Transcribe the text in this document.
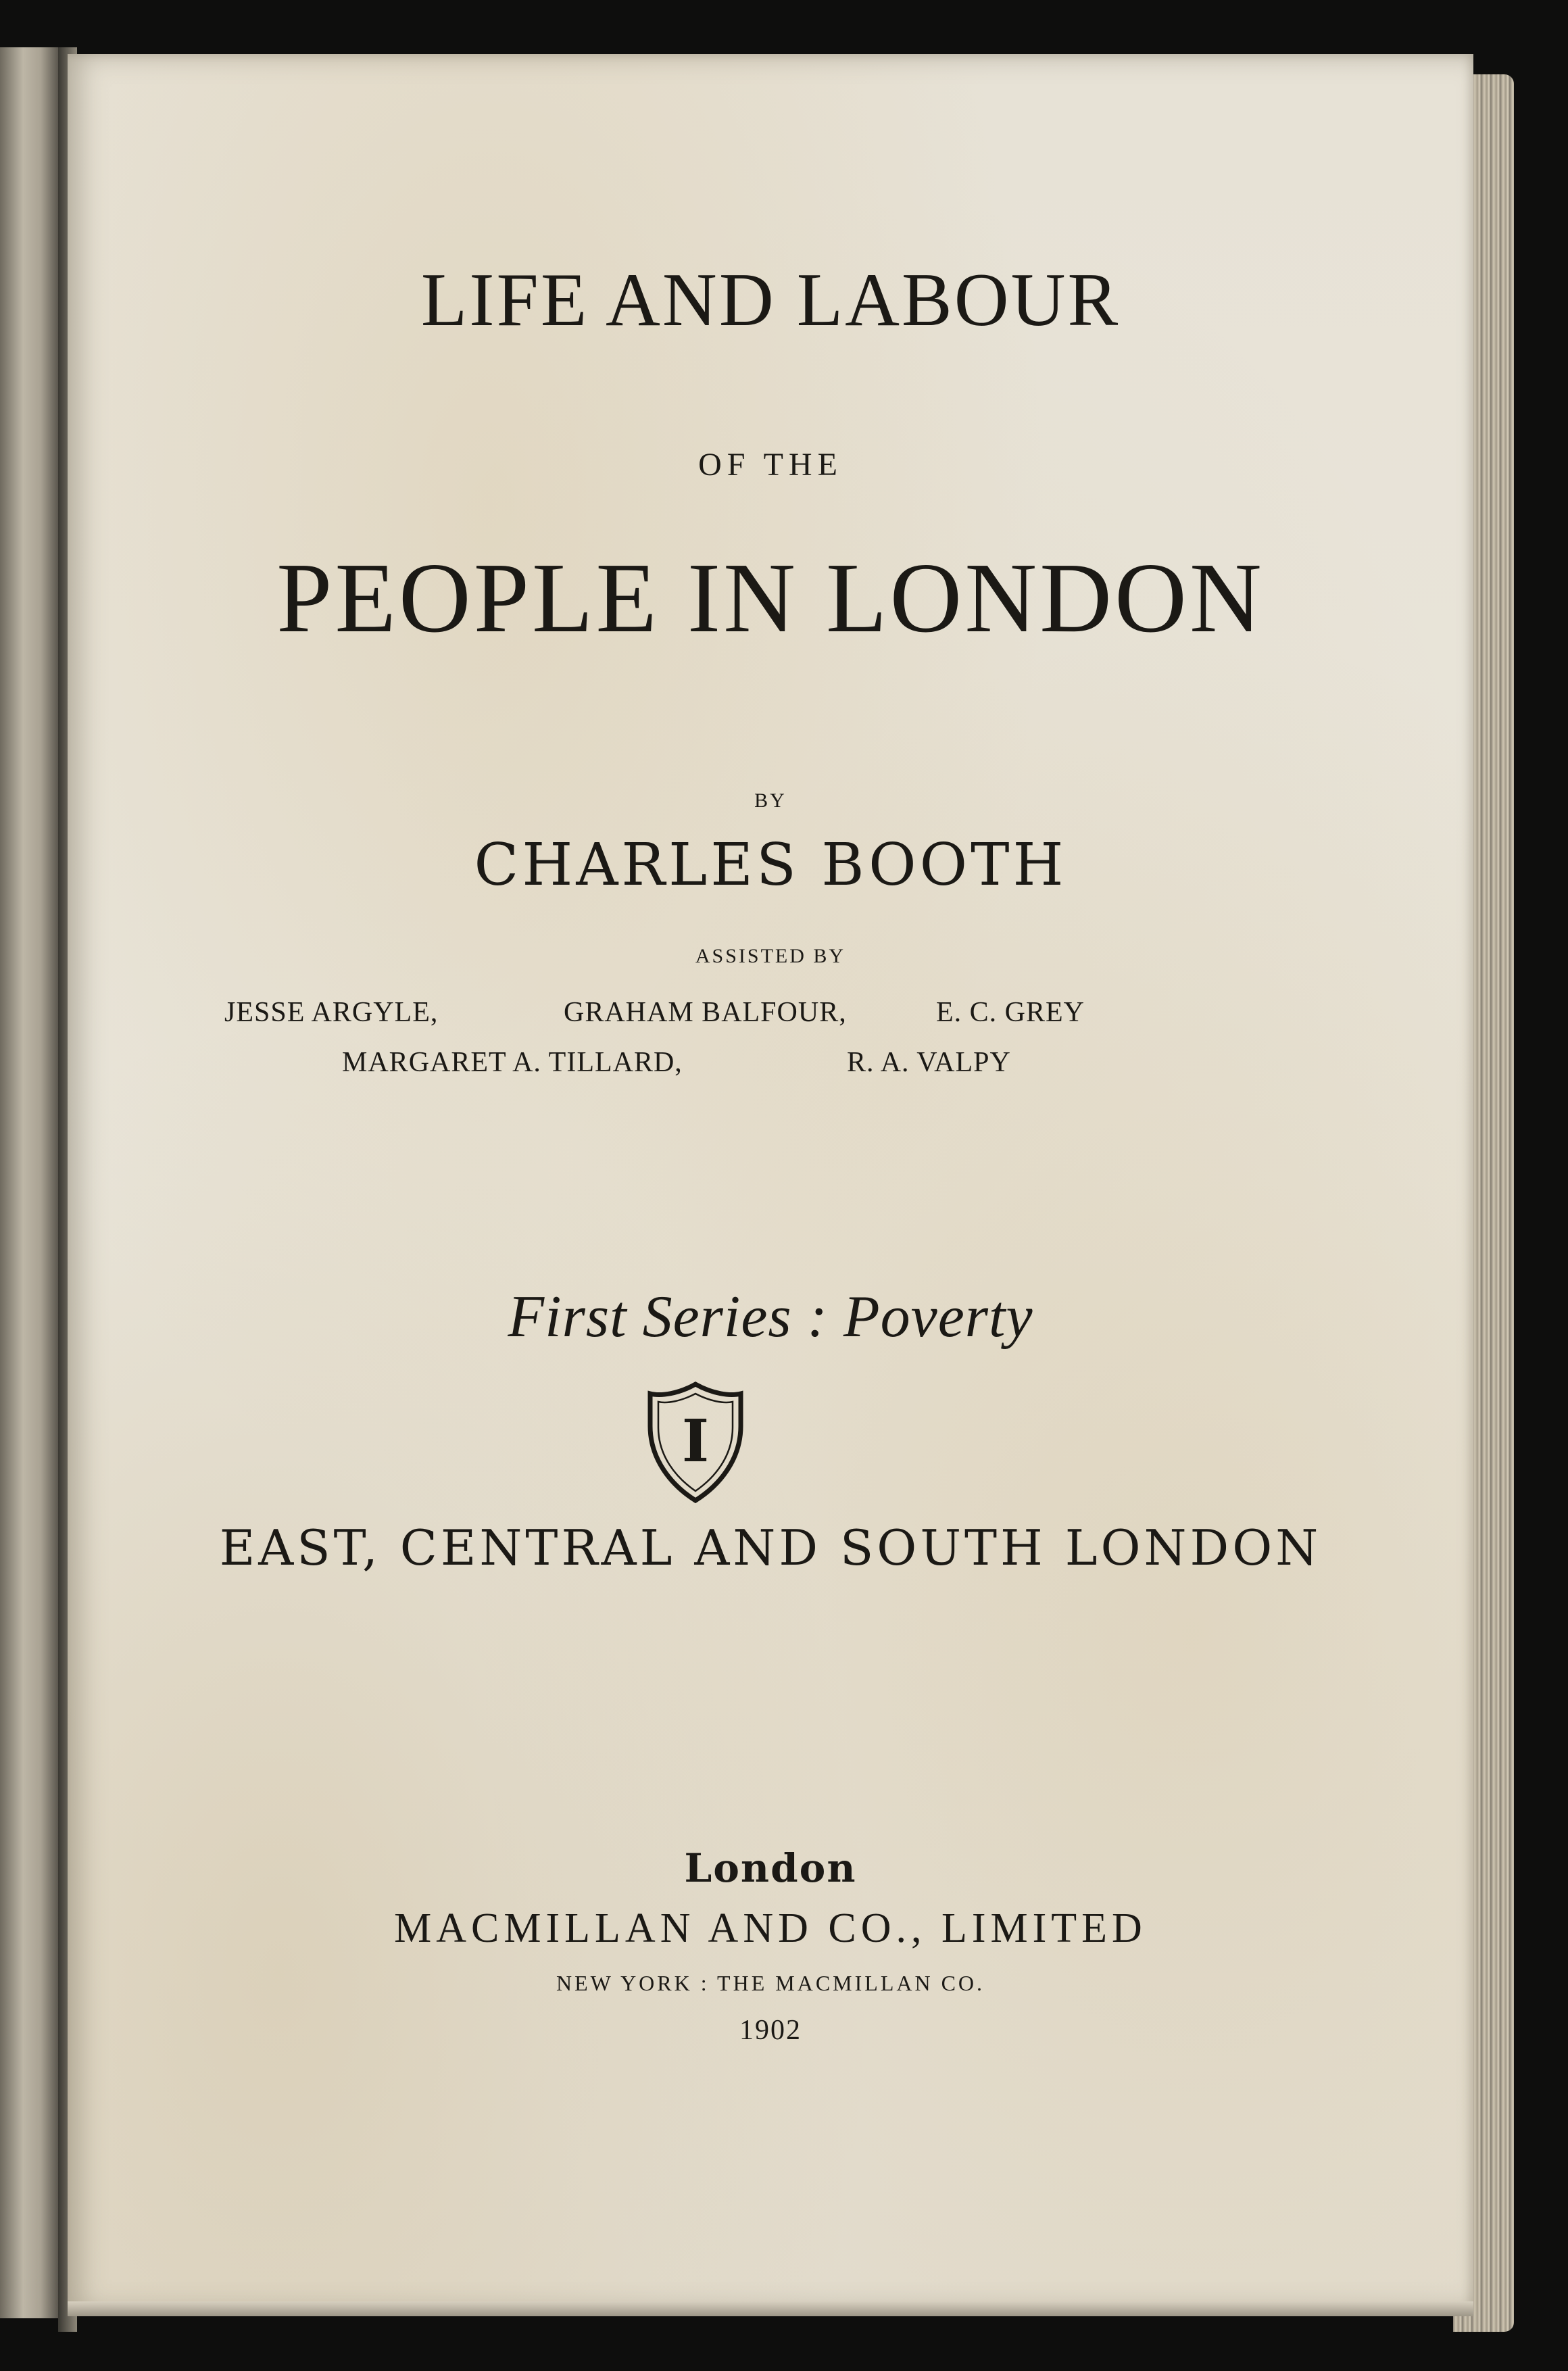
LIFE AND LABOUR
OF THE
PEOPLE IN LONDON
BY
CHARLES BOOTH
ASSISTED BY
JESSE ARGYLE,	GRAHAM BALFOUR,	E. C. GREY
MARGARET A. TILLARD,	R. A. VALPY
First Series : Poverty
I
EAST, CENTRAL AND SOUTH LONDON
London
MACMILLAN AND CO., LIMITED
NEW YORK : THE MACMILLAN CO.
1902
